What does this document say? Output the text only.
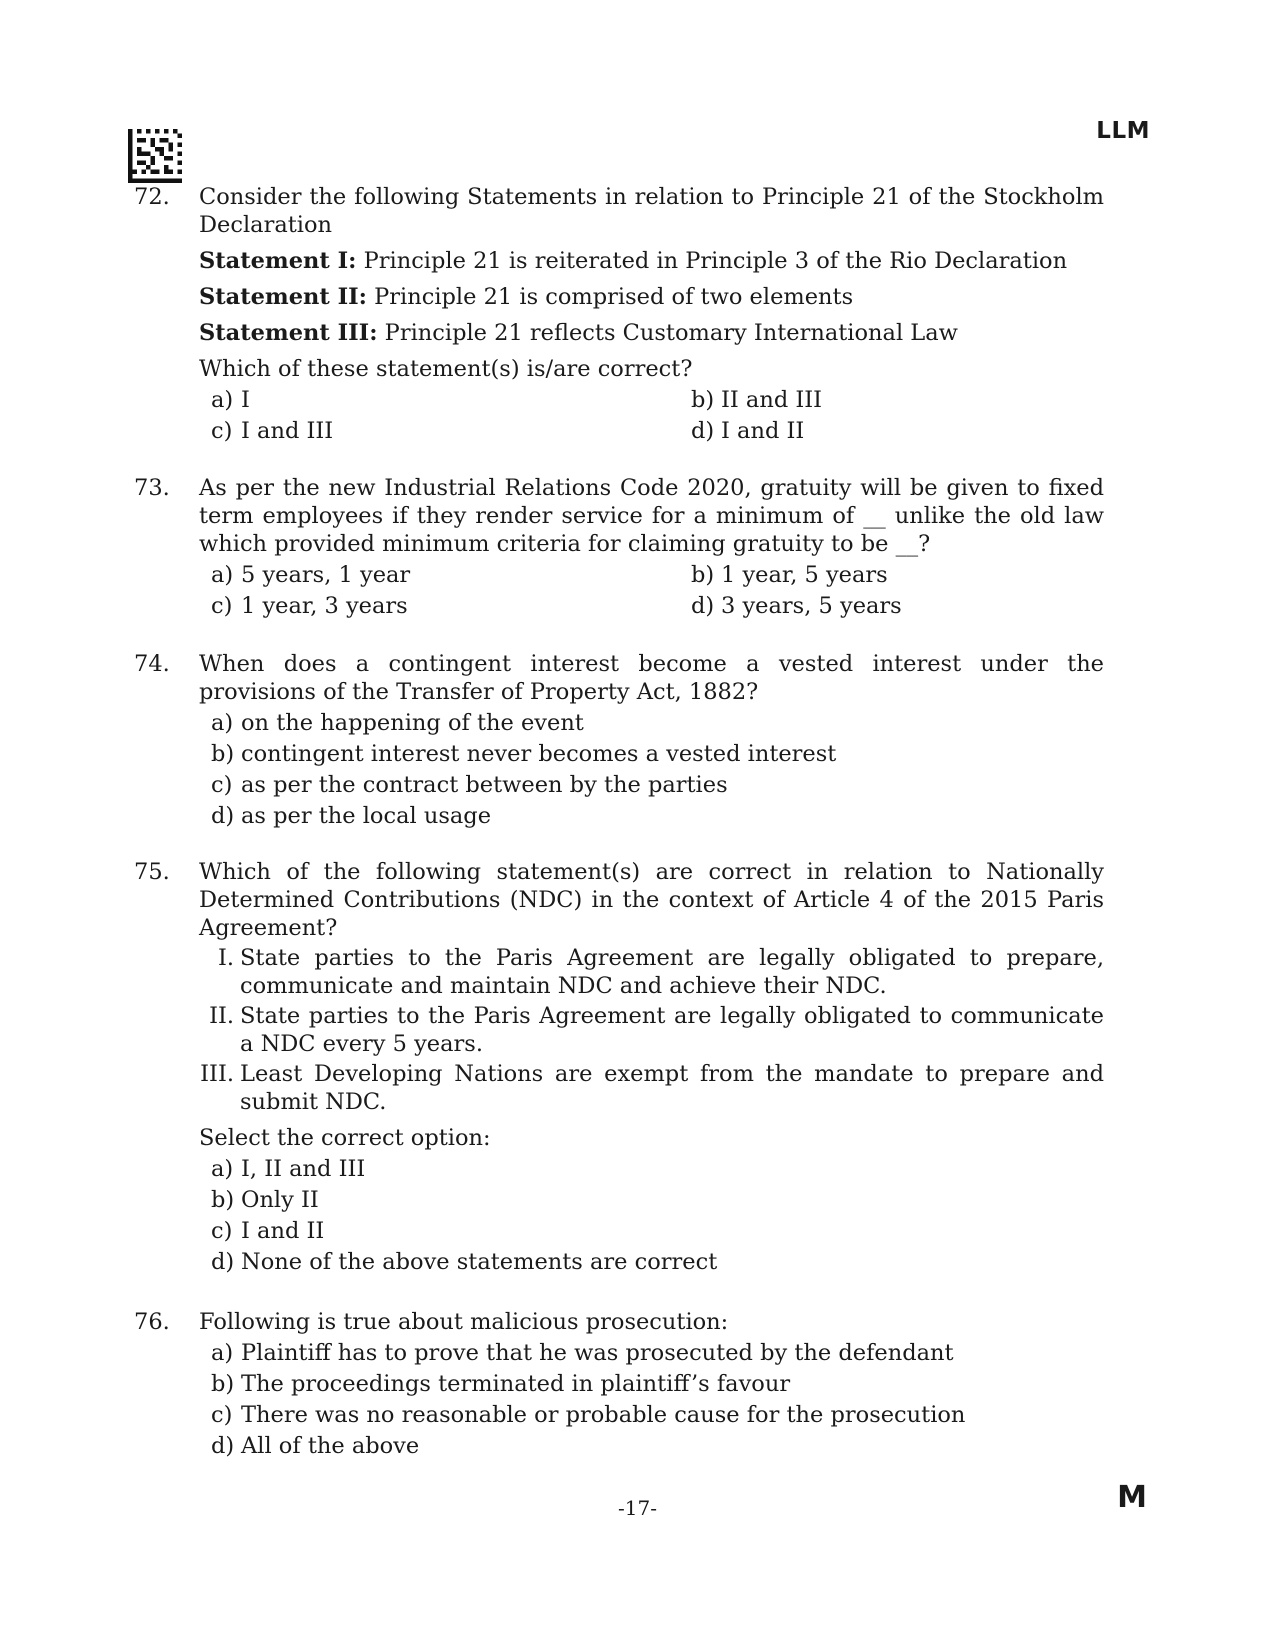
LLM
72.	Consider the following Statements in relation to Principle 21 of the Stockholm Declaration
Statement I: Principle 21 is reiterated in Principle 3 of the Rio Declaration
Statement II: Principle 21 is comprised of two elements
Statement III: Principle 21 reflects Customary International Law
Which of these statement(s) is/are correct?
a) I	b) II and III
c) I and III	d) I and II
73.	As per the new Industrial Relations Code 2020, gratuity will be given to fixed term employees if they render service for a minimum of __ unlike the old law which provided minimum criteria for claiming gratuity to be __?
a) 5 years, 1 year	b) 1 year, 5 years
c) 1 year, 3 years	d) 3 years, 5 years
74.	When does a contingent interest become a vested interest under the provisions of the Transfer of Property Act, 1882?
a) on the happening of the event
b) contingent interest never becomes a vested interest
c) as per the contract between by the parties
d) as per the local usage
75.	Which of the following statement(s) are correct in relation to Nationally Determined Contributions (NDC) in the context of Article 4 of the 2015 Paris Agreement?
I. State parties to the Paris Agreement are legally obligated to prepare, communicate and maintain NDC and achieve their NDC.
II. State parties to the Paris Agreement are legally obligated to communicate a NDC every 5 years.
III. Least Developing Nations are exempt from the mandate to prepare and submit NDC.
Select the correct option:
a) I, II and III
b) Only II
c) I and II
d) None of the above statements are correct
76.	Following is true about malicious prosecution:
a) Plaintiff has to prove that he was prosecuted by the defendant
b) The proceedings terminated in plaintiff’s favour
c) There was no reasonable or probable cause for the prosecution
d) All of the above
-17-	M
